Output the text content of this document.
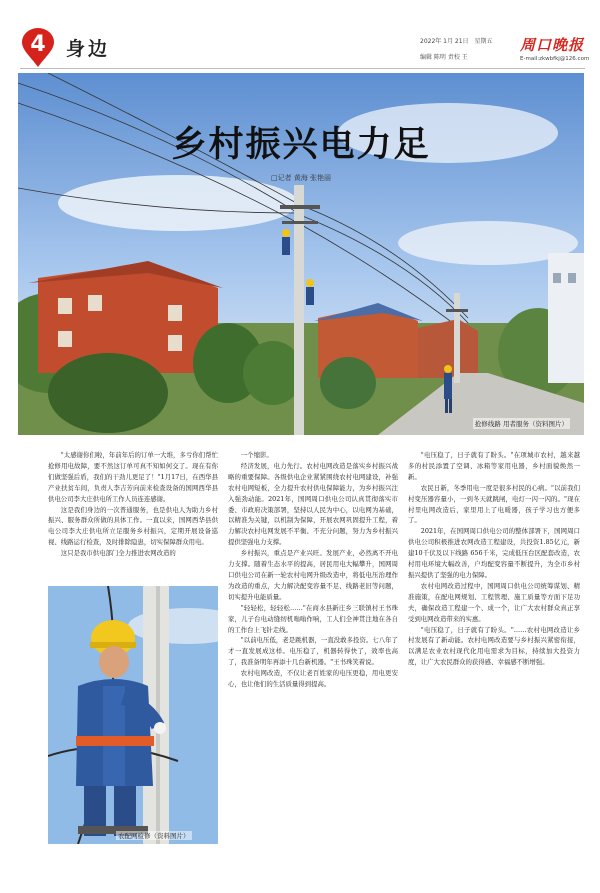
4	身边	2022年 1月 21日 星期五
编辑 陈明 责校 王
周口晚报
E-mail:zkwbfkj@126.com
乡村振兴电力足
□记者 黄海 张艳丽
抢修线路 用者服务（资料图片）

"太感谢你们啦，年前年后的订单一大堆，多亏你们帮忙抢修用电故障，要不然这订单可真不知如何交了。现在有你们做坚强后盾，我们的干劲儿更足了！"1月17日，在西华县产业扶贫车间，负责人李吉芳向前来检查设备的国网西华县供电公司李大庄供电所工作人员连连感谢。

这是我们身边的一次普通服务，也是供电人为助力乡村振兴、服务群众所做的具体工作。一直以来，国网西华县供电公司李大庄供电所立足服务乡村振兴，定期开展设备巡视、线路运行检查，及时排除隐患，切实保障群众用电。

这只是我市供电部门全力推进农网改造的

农配网检修（资料图片）

一个缩影。

经济发展，电力先行。农村电网改造是落实乡村振兴战略的重要保障。各级供电企业紧紧围绕农村电网建设，补强农村电网短板，全力提升农村供电保障能力，为乡村振兴注入强劲动能。2021年，国网周口供电公司认真贯彻落实市委、市政府决策部署，坚持以人民为中心，以电网为基础，以精准为关键，以机制为保障，开展农网巩固提升工程，着力解决农村电网发展不平衡、不充分问题，努力为乡村振兴提供坚强电力支撑。

乡村振兴，重点是产业兴旺。发展产业，必然离不开电力支撑。随着生态水平的提高，居民用电大幅攀升，国网周口供电公司在新一轮农村电网升级改造中，将低电压治理作为改造的重点，大力解决配变容量不足、线路老旧等问题，切实提升电能质量。

"轻轻松，轻轻松……"在商水县新庄乡三联镇村王书珠家，儿子台电动缝纫机嗡嗡作响，工人们全神贯注地在各自的工作台上飞针走线。

"以前电压低，老是跳机器，一直没敢多投资。七八年了才一直发展成这样。电压稳了，机器转得快了，效率也高了，我准备明年再添十几台新机器。"王书珠笑着说。

农村电网改造，不仅让老百姓家的电压更稳，用电更安心，也让他们的生活质量得到提高。

"电压稳了，日子就有了盼头。"在项城市农村，越来越多的村民添置了空调、冰箱等家用电器，乡村面貌焕然一新。

农民日新，冬季用电一度是很多村民的心病。"以前我们村变压器容量小，一到冬天就跳闸，电灯一闪一闪的。"现在村里电网改造后，家里用上了电暖器，孩子学习也方便多了。

2021年，在国网周口供电公司的整体部署下，国网周口供电公司积极推进农网改造工程建设，共投资1.85亿元，新建10千伏及以下线路 656千米，完成低压台区配套改造，农村用电环境大幅改善，户均配变容量不断提升，为全市乡村振兴提供了坚强的电力保障。

农村电网改造过程中，国网周口供电公司统筹谋划、精准施策，在配电网规划、工程管理、施工质量等方面下足功夫，确保改造工程建一个、成一个，让广大农村群众真正享受到电网改造带来的实惠。

"电压稳了，日子就有了盼头。"……农村电网改造让乡村发展有了新动能。农村电网改造要与乡村振兴紧密衔接，以满足农业农村现代化用电需求为目标，持续加大投资力度，让广大农民群众的获得感、幸福感不断增强。
